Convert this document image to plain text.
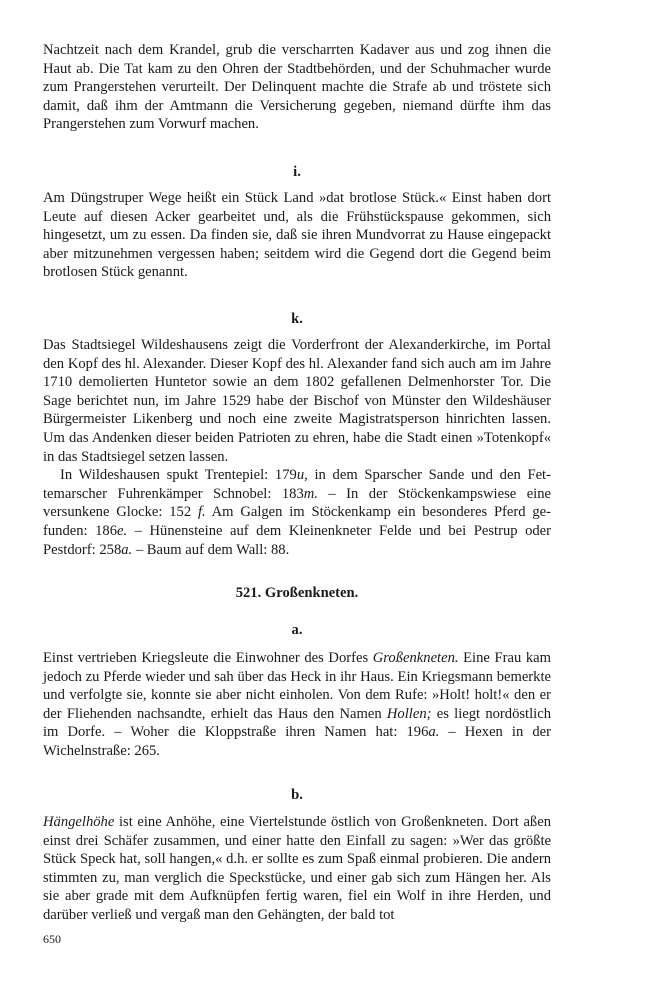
Nachtzeit nach dem Krandel, grub die verscharrten Kadaver aus und zog ihnen die Haut ab. Die Tat kam zu den Ohren der Stadtbehörden, und der Schuhmacher wurde zum Prangerstehen verurteilt. Der Delinquent machte die Strafe ab und tröstete sich damit, daß ihm der Amtmann die Versicherung gegeben, niemand dürfte ihm das Prangerstehen zum Vorwurf machen.

i.

Am Düngstruper Wege heißt ein Stück Land »dat brotlose Stück.« Einst haben dort Leute auf diesen Acker gearbeitet und, als die Frühstückspause gekommen, sich hingesetzt, um zu essen. Da finden sie, daß sie ihren Mundvorrat zu Hause eingepackt aber mitzunehmen vergessen haben; seitdem wird die Gegend dort die Gegend beim brotlosen Stück genannt.

k.

Das Stadtsiegel Wildeshausens zeigt die Vorderfront der Alexanderkirche, im Portal den Kopf des hl. Alexander. Dieser Kopf des hl. Alexander fand sich auch am im Jahre 1710 demolierten Huntetor sowie an dem 1802 gefallenen Delmenhorster Tor. Die Sage berichtet nun, im Jahre 1529 habe der Bischof von Münster den Wildeshäuser Bürgermeister Likenberg und noch eine zweite Magistratsperson hinrichten lassen. Um das Andenken dieser beiden Patrioten zu ehren, habe die Stadt einen »Totenkopf« in das Stadtsiegel setzen lassen.

In Wildeshausen spukt Trentepiel: 179u, in dem Sparscher Sande und den Fettemarscher Fuhrenkämper Schnobel: 183m. – In der Stöckenkampswiese eine versunkene Glocke: 152 f. Am Galgen im Stöckenkamp ein besonderes Pferd gefunden: 186e. – Hünensteine auf dem Kleinenkneter Felde und bei Pestrup oder Pestdorf: 258a. – Baum auf dem Wall: 88.

521. Großenkneten.
a.

Einst vertrieben Kriegsleute die Einwohner des Dorfes Großenkneten. Eine Frau kam jedoch zu Pferde wieder und sah über das Heck in ihr Haus. Ein Kriegsmann bemerkte und verfolgte sie, konnte sie aber nicht einholen. Von dem Rufe: »Holt! holt!« den er der Fliehenden nachsandte, erhielt das Haus den Namen Hollen; es liegt nordöstlich im Dorfe. – Woher die Kloppstraße ihren Namen hat: 196a. – Hexen in der Wichelnstraße: 265.

b.

Hängelhöhe ist eine Anhöhe, eine Viertelstunde östlich von Großenkneten. Dort aßen einst drei Schäfer zusammen, und einer hatte den Einfall zu sagen: »Wer das größte Stück Speck hat, soll hangen,« d.h. er sollte es zum Spaß einmal probieren. Die andern stimmten zu, man verglich die Speckstücke, und einer gab sich zum Hängen her. Als sie aber grade mit dem Aufknüpfen fertig waren, fiel ein Wolf in ihre Herden, und darüber verließ und vergaß man den Gehängten, der bald tot

650
